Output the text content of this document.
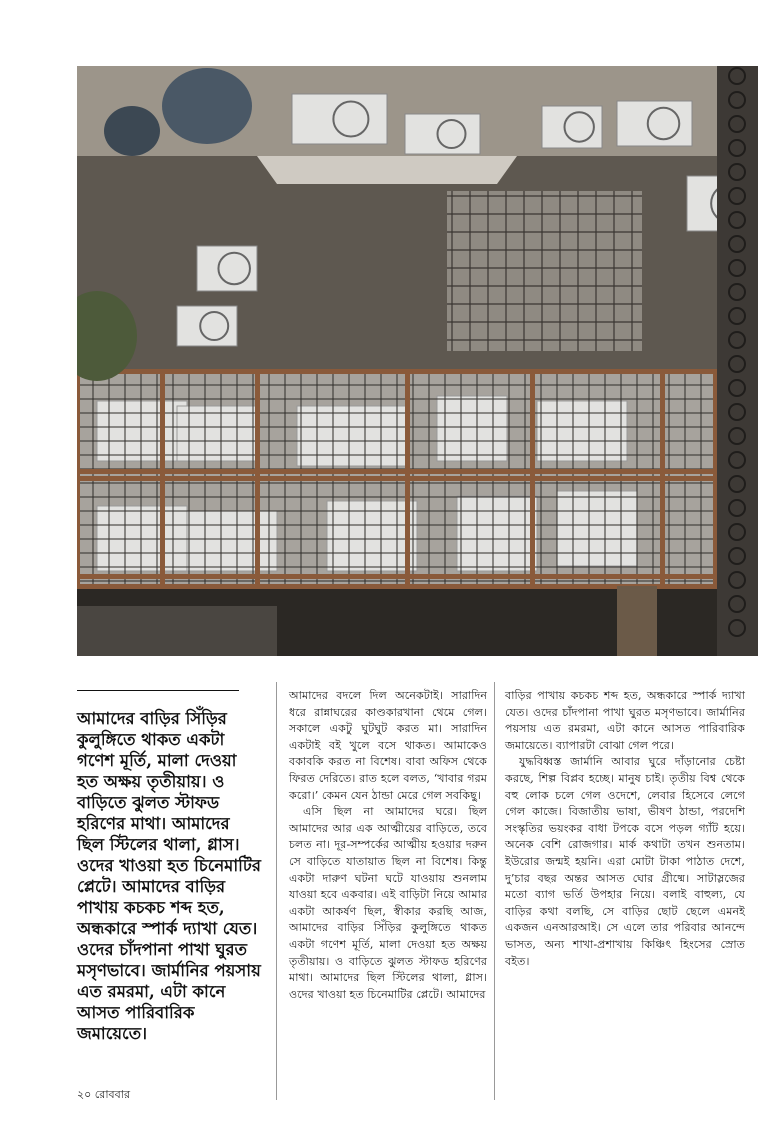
আমাদের বাড়ির সিঁড়ির কুলুঙ্গিতে থাকত একটা গণেশ মূর্তি, মালা দেওয়া হত অক্ষয় তৃতীয়ায়। ও বাড়িতে ঝুলত স্টাফড হরিণের মাথা। আমাদের ছিল স্টিলের থালা, গ্লাস। ওদের খাওয়া হত চিনেমাটির প্লেটে। আমাদের বাড়ির পাখায় কচকচ শব্দ হত, অন্ধকারে স্পার্ক দ্যাখা যেত। ওদের চাঁদপানা পাখা ঘুরত মসৃণভাবে। জার্মানির পয়সায় এত রমরমা, এটা কানে আসত পারিবারিক জমায়েতে।

আমাদের বদলে দিল অনেকটাই। সারাদিন ধরে রান্নাঘরের কাণ্ডকারখানা থেমে গেল। সকালে একটু ঘুটঘুট করত মা। সারাদিন একটাই বই খুলে বসে থাকত। আমাকেও বকাবকি করত না বিশেষ। বাবা অফিস থেকে ফিরত দেরিতে। রাত হলে বলত, ‘খাবার গরম করো।’ কেমন যেন ঠান্ডা মেরে গেল সবকিছু।

এসি ছিল না আমাদের ঘরে। ছিল আমাদের আর এক আত্মীয়ের বাড়িতে, তবে চলত না। দূর-সম্পর্কের আত্মীয় হওয়ার দরুন সে বাড়িতে যাতায়াত ছিল না বিশেষ। কিন্তু একটা দারুণ ঘটনা ঘটে যাওয়ায় শুনলাম যাওয়া হবে একবার। এই বাড়িটা নিয়ে আমার একটা আকর্ষণ ছিল, স্বীকার করছি আজ, আমাদের বাড়ির সিঁড়ির কুলুঙ্গিতে থাকত একটা গণেশ মূর্তি, মালা দেওয়া হত অক্ষয় তৃতীয়ায়। ও বাড়িতে ঝুলত স্টাফড হরিণের মাথা। আমাদের ছিল স্টিলের থালা, গ্লাস। ওদের খাওয়া হত চিনেমাটির প্লেটে। আমাদের

বাড়ির পাখায় কচকচ শব্দ হত, অন্ধকারে স্পার্ক দ্যাখা যেত। ওদের চাঁদপানা পাখা ঘুরত মসৃণভাবে। জার্মানির পয়সায় এত রমরমা, এটা কানে আসত পারিবারিক জমায়েতে। ব্যাপারটা বোঝা গেল পরে।

যুদ্ধবিধ্বস্ত জার্মানি আবার ঘুরে দাঁড়ানোর চেষ্টা করছে, শিল্প বিপ্লব হচ্ছে। মানুষ চাই। তৃতীয় বিশ্ব থেকে বহু লোক চলে গেল ওদেশে, লেবার হিসেবে লেগে গেল কাজে। বিজাতীয় ভাষা, ভীষণ ঠান্ডা, পরদেশি সংস্কৃতির ভয়ংকর বাধা টপকে বসে পড়ল গ্যাঁট হয়ে। অনেক বেশি রোজগার। মার্ক কথাটা তখন শুনতাম। ইউরোর জন্মই হয়নি। এরা মোটা টাকা পাঠাত দেশে, দু’চার বছর অন্তর আসত ঘোর গ্রীষ্মে। সাটাস্লজের মতো ব্যাগ ভর্তি উপহার নিয়ে। বলাই বাহুল্য, যে বাড়ির কথা বলছি, সে বাড়ির ছোট ছেলে এমনই একজন এনআরআই। সে এলে তার পরিবার আনন্দে ভাসত, অন্য শাখা-প্রশাখায় কিঞ্চিৎ হিংসের স্রোত বইত।

২০ রোববার
